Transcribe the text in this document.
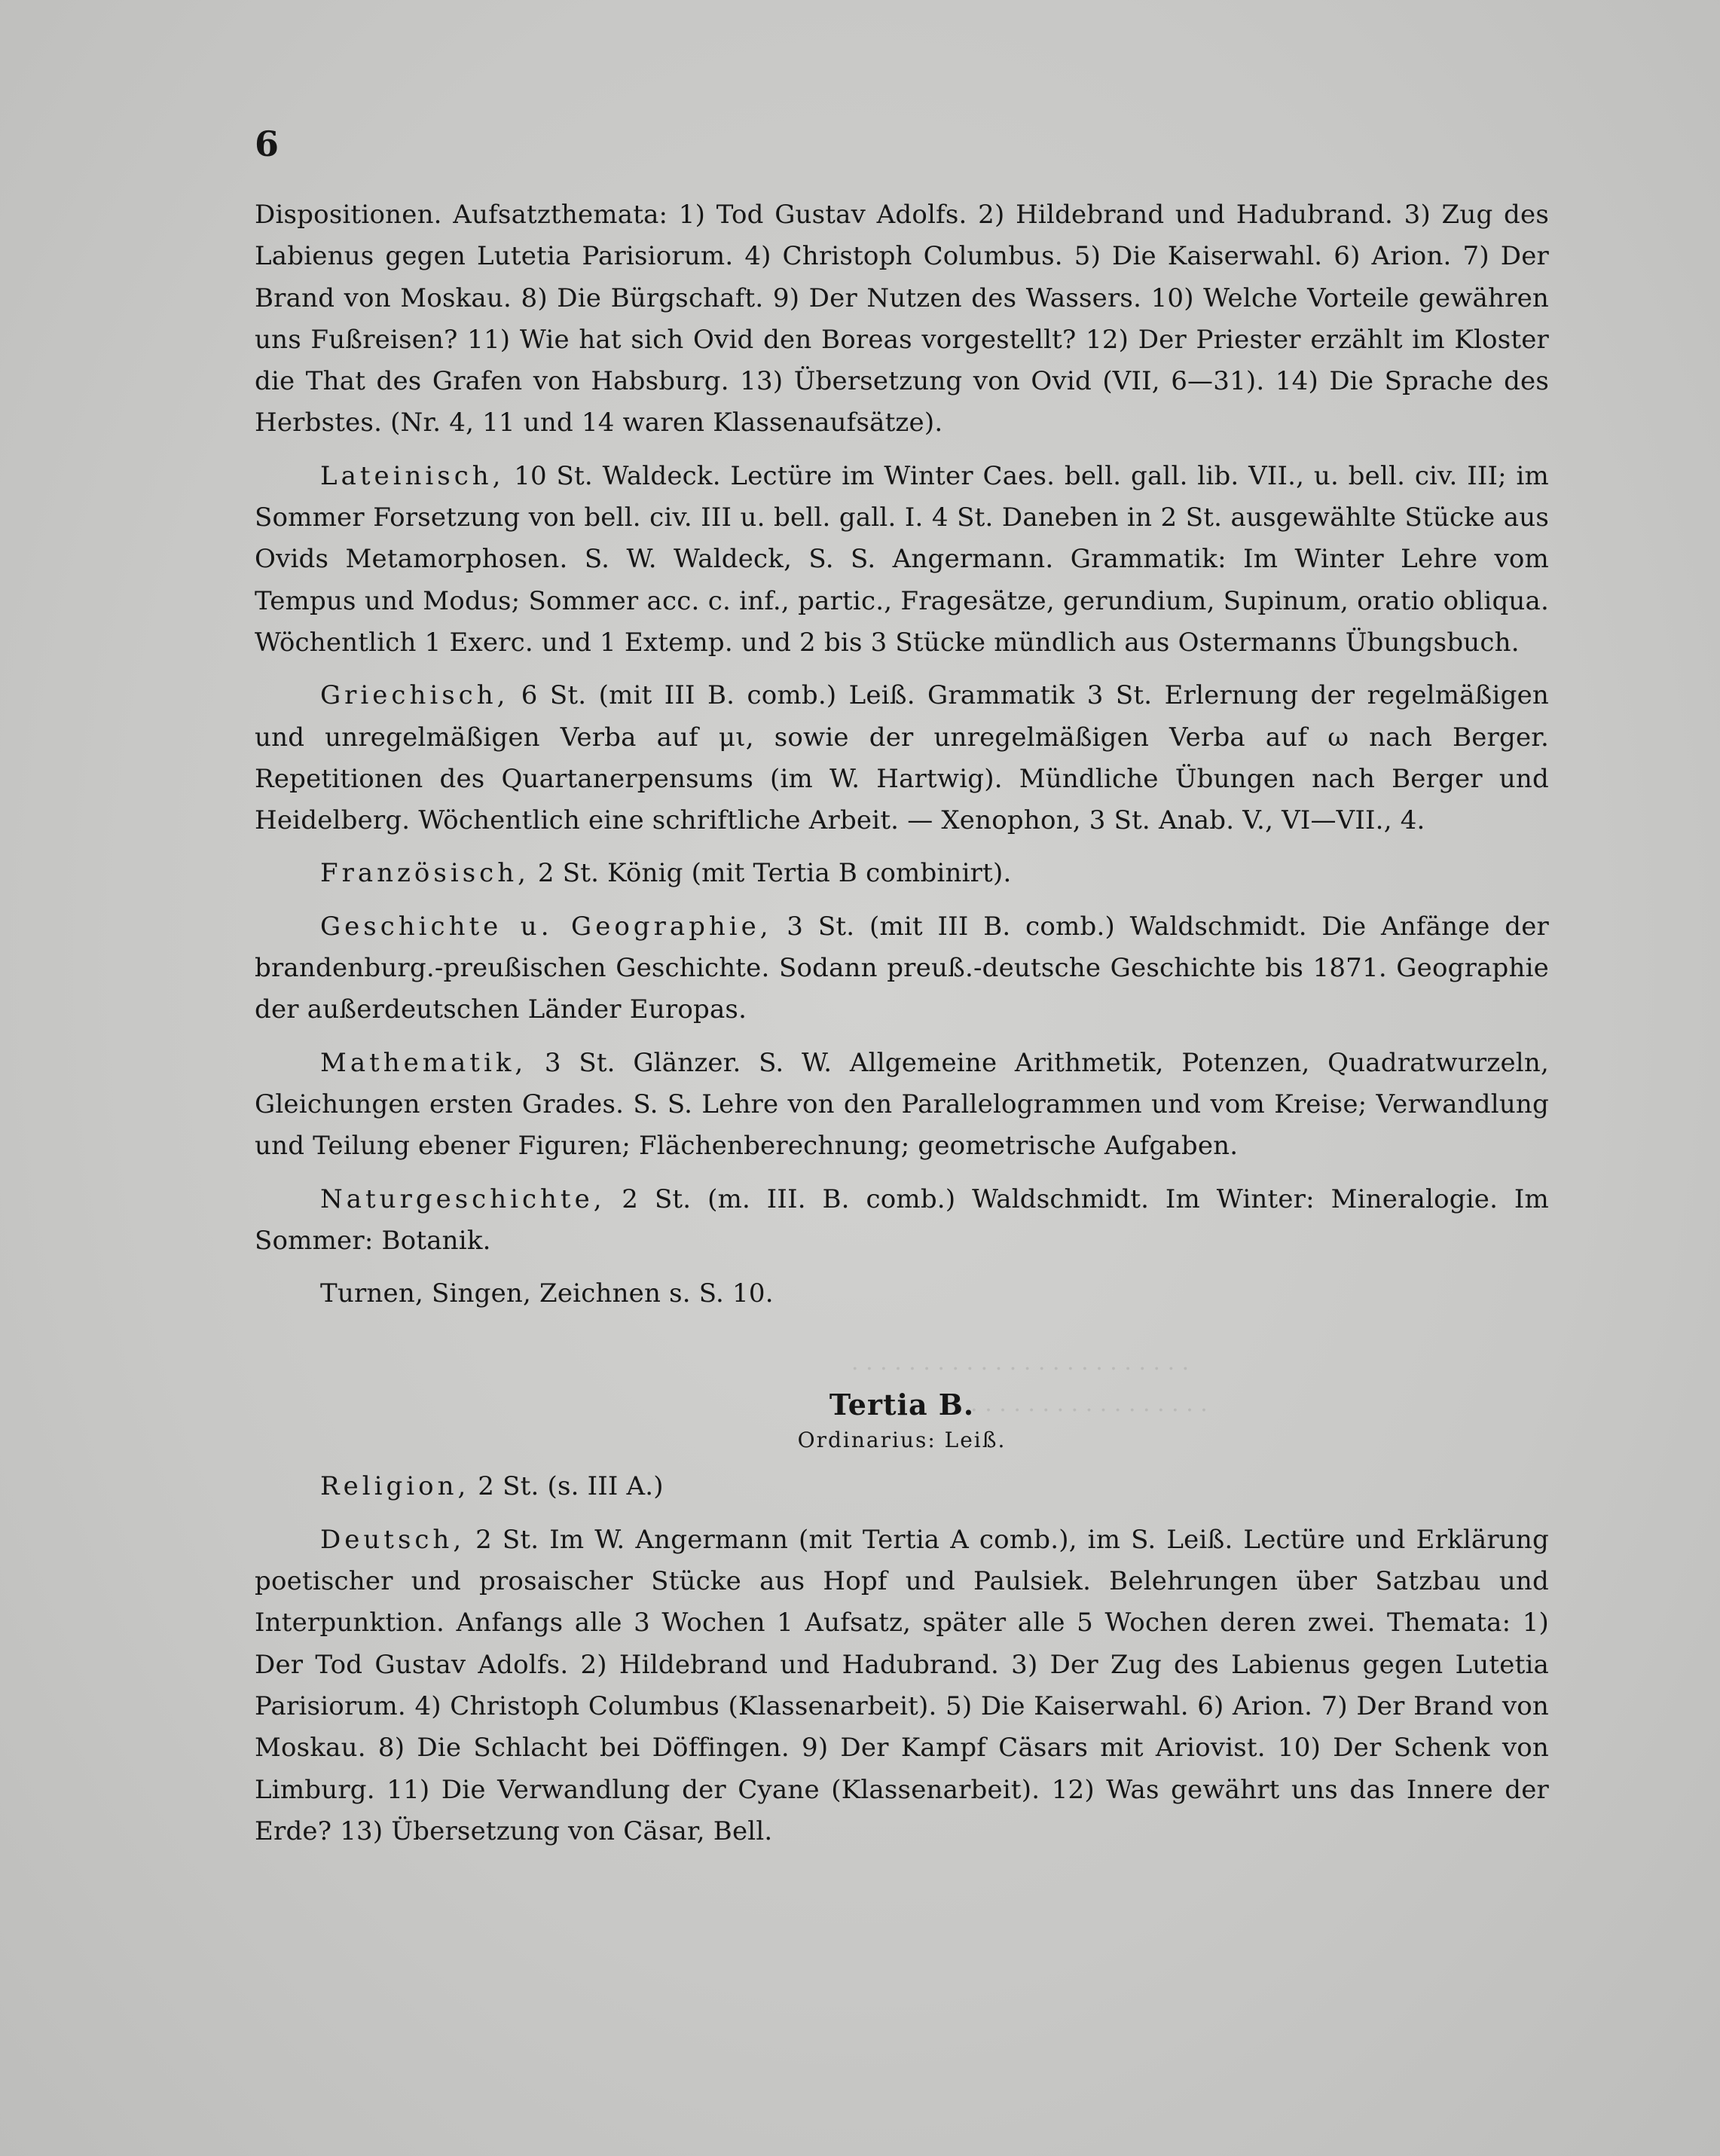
· · · · · · · · · · · · · · · · · · · · · · · ·
· · · · · · · · · · · · · · · · · · ·
6

Dispositionen. Aufsatzthemata: 1) Tod Gustav Adolfs. 2) Hildebrand und Hadubrand. 3) Zug des Labienus gegen Lutetia Parisiorum. 4) Christoph Columbus. 5) Die Kaiserwahl. 6) Arion. 7) Der Brand von Moskau. 8) Die Bürgschaft. 9) Der Nutzen des Wassers. 10) Welche Vorteile gewähren uns Fußreisen? 11) Wie hat sich Ovid den Boreas vorgestellt? 12) Der Priester erzählt im Kloster die That des Grafen von Habsburg. 13) Übersetzung von Ovid (VII, 6—31). 14) Die Sprache des Herbstes. (Nr. 4, 11 und 14 waren Klassenaufsätze).

Lateinisch, 10 St. Waldeck. Lectüre im Winter Caes. bell. gall. lib. VII., u. bell. civ. III; im Sommer Forsetzung von bell. civ. III u. bell. gall. I. 4 St. Daneben in 2 St. ausgewählte Stücke aus Ovids Metamorphosen. S. W. Waldeck, S. S. Angermann. Grammatik: Im Winter Lehre vom Tempus und Modus; Sommer acc. c. inf., partic., Fragesätze, gerundium, Supinum, oratio obliqua. Wöchentlich 1 Exerc. und 1 Extemp. und 2 bis 3 Stücke mündlich aus Ostermanns Übungsbuch.

Griechisch, 6 St. (mit III B. comb.) Leiß. Grammatik 3 St. Erlernung der regelmäßigen und unregelmäßigen Verba auf μι, sowie der unregelmäßigen Verba auf ω nach Berger. Repetitionen des Quartanerpensums (im W. Hartwig). Mündliche Übungen nach Berger und Heidelberg. Wöchentlich eine schriftliche Arbeit. — Xenophon, 3 St. Anab. V., VI—VII., 4.

Französisch, 2 St. König (mit Tertia B combinirt).

Geschichte u. Geographie, 3 St. (mit III B. comb.) Waldschmidt. Die Anfänge der brandenburg.-preußischen Geschichte. Sodann preuß.-deutsche Geschichte bis 1871. Geographie der außerdeutschen Länder Europas.

Mathematik, 3 St. Glänzer. S. W. Allgemeine Arithmetik, Potenzen, Quadratwurzeln, Gleichungen ersten Grades. S. S. Lehre von den Parallelogrammen und vom Kreise; Verwandlung und Teilung ebener Figuren; Flächenberechnung; geometrische Aufgaben.

Naturgeschichte, 2 St. (m. III. B. comb.) Waldschmidt. Im Winter: Mineralogie. Im Sommer: Botanik.

Turnen, Singen, Zeichnen s. S. 10.

Tertia B.
Ordinarius: Leiß.

Religion, 2 St. (s. III A.)

Deutsch, 2 St. Im W. Angermann (mit Tertia A comb.), im S. Leiß. Lectüre und Erklärung poetischer und prosaischer Stücke aus Hopf und Paulsiek. Belehrungen über Satzbau und Interpunktion. Anfangs alle 3 Wochen 1 Aufsatz, später alle 5 Wochen deren zwei. Themata: 1) Der Tod Gustav Adolfs. 2) Hildebrand und Hadubrand. 3) Der Zug des Labienus gegen Lutetia Parisiorum. 4) Christoph Columbus (Klassenarbeit). 5) Die Kaiserwahl. 6) Arion. 7) Der Brand von Moskau. 8) Die Schlacht bei Döffingen. 9) Der Kampf Cäsars mit Ariovist. 10) Der Schenk von Limburg. 11) Die Verwandlung der Cyane (Klassenarbeit). 12) Was gewährt uns das Innere der Erde? 13) Übersetzung von Cäsar, Bell.
